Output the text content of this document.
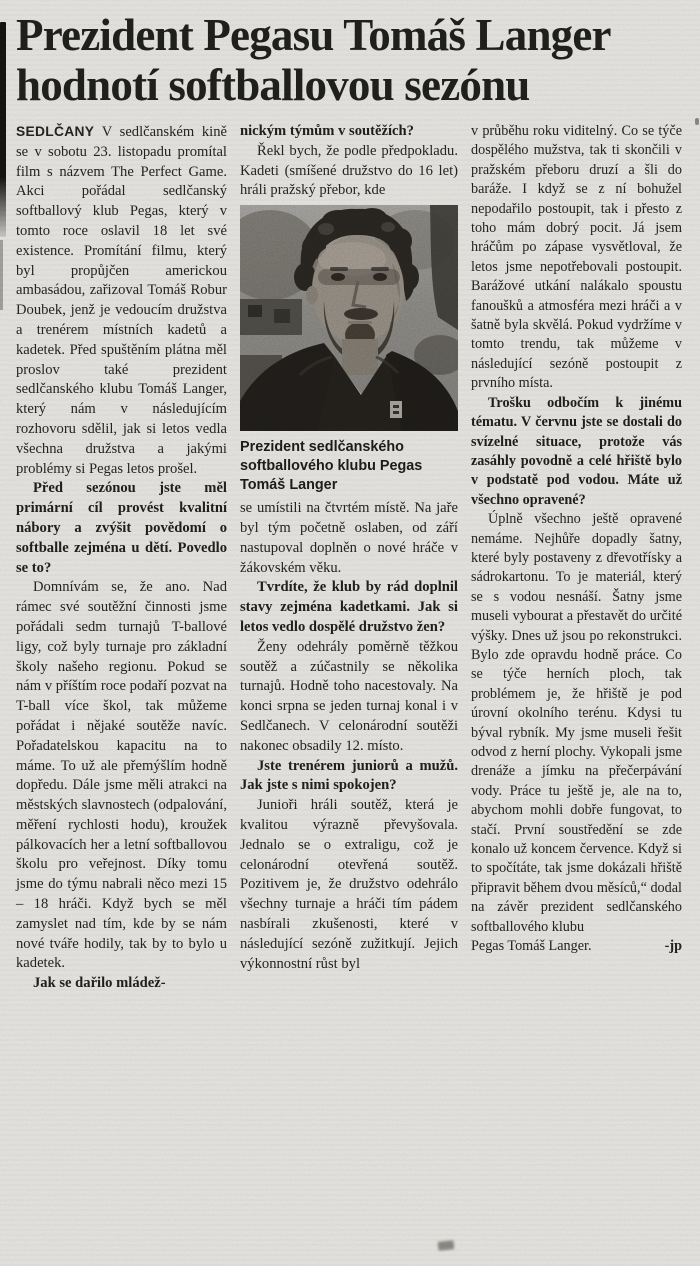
Prezident Pegasu Tomáš Langer
hodnotí softballovou sezónu

SEDLČANY V sedlčanském kině se v sobotu 23. listopadu promítal film s názvem The Perfect Game. Akci pořádal sedlčanský softballový klub Pegas, který v tomto roce oslavil 18 let své existence. Promítání filmu, který byl propůjčen americkou ambasádou, zařizoval Tomáš Robur Doubek, jenž je vedoucím družstva a trenérem místních kadetů a kadetek. Před spuštěním plátna měl proslov také prezident sedlčanského klubu Tomáš Langer, který nám v následujícím rozhovoru sdělil, jak si letos vedla všechna družstva a jakými problémy si Pegas letos prošel.

Před sezónou jste měl primární cíl provést kvalitní nábory a zvýšit povědomí o softballe zejména u dětí. Povedlo se to?

Domnívám se, že ano. Nad rámec své soutěžní činnosti jsme pořádali sedm turnajů T-ballové ligy, což byly turnaje pro základní školy našeho regionu. Pokud se nám v příštím roce podaří pozvat na T-ball více škol, tak můžeme pořádat i nějaké soutěže navíc. Pořadatelskou kapacitu na to máme. To už ale přemýšlím hodně dopředu. Dále jsme měli atrakci na městských slavnostech (odpalování, měření rychlosti hodu), kroužek pálkovacích her a letní softballovou školu pro veřejnost. Díky tomu jsme do týmu nabrali něco mezi 15 – 18 hráči. Když bych se měl zamyslet nad tím, kde by se nám nové tváře hodily, tak by to bylo u kadetek.

Jak se dařilo mládež-

nickým týmům v soutěžích?

Řekl bych, že podle předpokladu. Kadeti (smíšené družstvo do 16 let) hráli pražský přebor, kde

Prezident sedlčanského softballového klubu Pegas Tomáš Langer

se umístili na čtvrtém místě. Na jaře byl tým početně oslaben, od září nastupoval doplněn o nové hráče v žákovském věku.

Tvrdíte, že klub by rád doplnil stavy zejména kadetkami. Jak si letos vedlo dospělé družstvo žen?

Ženy odehrály poměrně těžkou soutěž a zúčastnily se několika turnajů. Hodně toho nacestovaly. Na konci srpna se jeden turnaj konal i v Sedlčanech. V celonárodní soutěži nakonec obsadily 12. místo.

Jste trenérem juniorů a mužů. Jak jste s nimi spokojen?

Junioři hráli soutěž, která je kvalitou výrazně převyšovala. Jednalo se o extraligu, což je celonárodní otevřená soutěž. Pozitivem je, že družstvo odehrálo všechny turnaje a hráči tím pádem nasbírali zkušenosti, které v následující sezóně zužitkují. Jejich výkonnostní růst byl

v průběhu roku viditelný. Co se týče dospělého mužstva, tak ti skončili v pražském přeboru druzí a šli do baráže. I když se z ní bohužel nepodařilo postoupit, tak i přesto z toho mám dobrý pocit. Já jsem hráčům po zápase vysvětloval, že letos jsme nepotřebovali postoupit. Barážové utkání nalákalo spoustu fanoušků a atmosféra mezi hráči a v šatně byla skvělá. Pokud vydržíme v tomto trendu, tak můžeme v následující sezóně postoupit z prvního místa.

Trošku odbočím k jinému tématu. V červnu jste se dostali do svízelné situace, protože vás zasáhly povodně a celé hřiště bylo v podstatě pod vodou. Máte už všechno opravené?

Úplně všechno ještě opravené nemáme. Nejhůře dopadly šatny, které byly postaveny z dřevotřísky a sádrokartonu. To je materiál, který se s vodou nesnáší. Šatny jsme museli vybourat a přestavět do určité výšky. Dnes už jsou po rekonstrukci. Bylo zde opravdu hodně práce. Co se týče herních ploch, tak problémem je, že hřiště je pod úrovní okolního terénu. Kdysi tu býval rybník. My jsme museli řešit odvod z herní plochy. Vykopali jsme drenáže a jímku na přečerpávání vody. Práce tu ještě je, ale na to, abychom mohli dobře fungovat, to stačí. První soustředění se zde konalo už koncem července. Když si to spočítáte, tak jsme dokázali hřiště připravit během dvou měsíců,“ dodal na závěr prezident sedlčanského softballového klubu

Pegas Tomáš Langer.	-jp
